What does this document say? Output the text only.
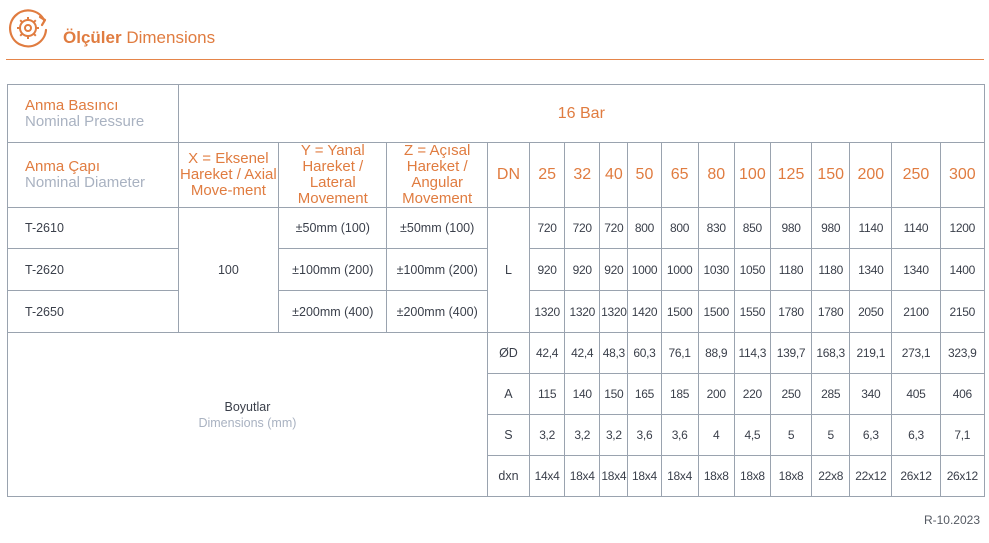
Ölçüler Dimensions
Anma Basıncı
Nominal Pressure	16 Bar															

Anma Çapı
Nominal Diameter	X = Eksenel Hareket / Axial Move-ment	Y = Yanal Hareket / Lateral Movement	Z = Açısal Hareket / Angular Movement	DN	25	32	40	50	65	80	100	125	150	200	250	300
T-2610	100	±50mm (100)	±50mm (100)	L	720	720	720	800	800	830	850	980	980	1140	1140	1200
T-2620		±100mm (200)	±100mm (200)		920	920	920	1000	1000	1030	1050	1180	1180	1340	1340	1400
T-2650		±200mm (400)	±200mm (400)		1320	1320	1320	1420	1500	1500	1550	1780	1780	2050	2100	2150

Boyutlar
Dimensions (mm)				ØD	42,4	42,4	48,3	60,3	76,1	88,9	114,3	139,7	168,3	219,1	273,1	323,9
				A	115	140	150	165	185	200	220	250	285	340	405	406
				S	3,2	3,2	3,2	3,6	3,6	4	4,5	5	5	6,3	6,3	7,1
				dxn	14x4	18x4	18x4	18x4	18x4	18x8	18x8	18x8	22x8	22x12	26x12	26x12
R-10.2023
